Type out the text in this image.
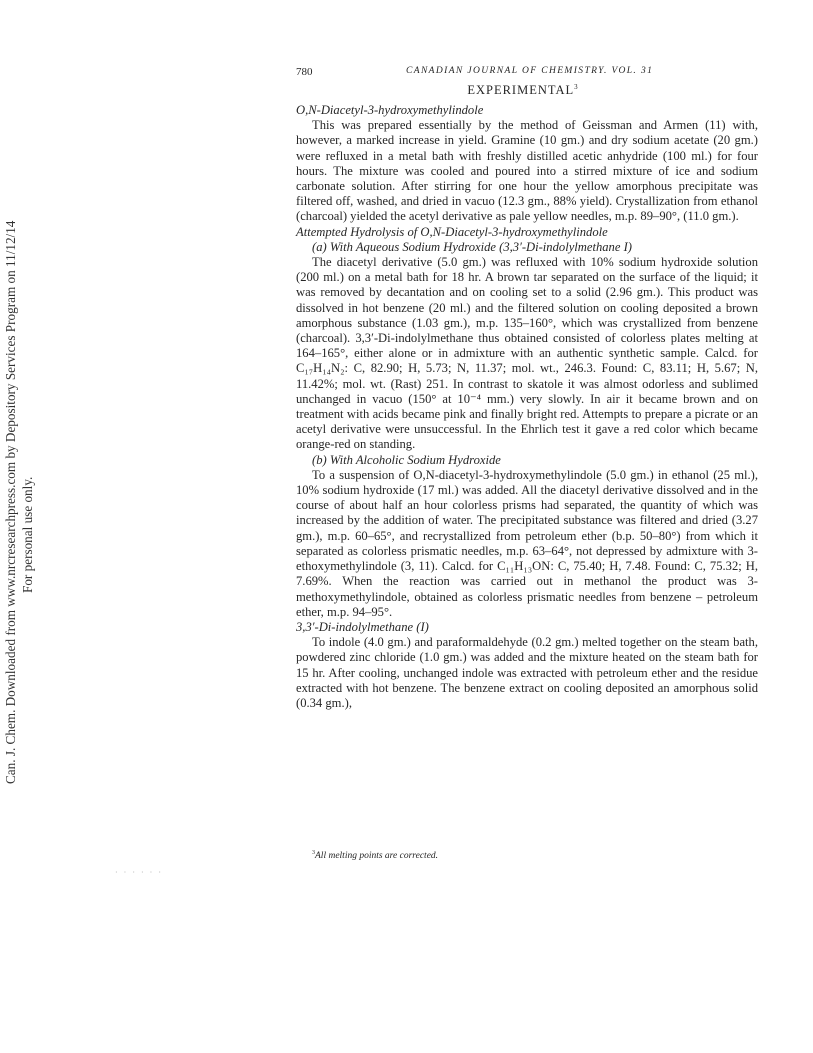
Can. J. Chem. Downloaded from www.nrcresearchpress.com by Depository Services Program on 11/12/14 For personal use only.
780	CANADIAN JOURNAL OF CHEMISTRY. VOL. 31
EXPERIMENTAL$^3$
O,N-Diacetyl-3-hydroxymethylindole

This was prepared essentially by the method of Geissman and Armen (11) with, however, a marked increase in yield. Gramine (10 gm.) and dry sodium acetate (20 gm.) were refluxed in a metal bath with freshly distilled acetic anhydride (100 ml.) for four hours. The mixture was cooled and poured into a stirred mixture of ice and sodium carbonate solution. After stirring for one hour the yellow amorphous precipitate was filtered off, washed, and dried in vacuo (12.3 gm., 88% yield). Crystallization from ethanol (charcoal) yielded the acetyl derivative as pale yellow needles, m.p. 89–90°, (11.0 gm.).

Attempted Hydrolysis of O,N-Diacetyl-3-hydroxymethylindole
(a) With Aqueous Sodium Hydroxide (3,3′-Di-indolylmethane I)

The diacetyl derivative (5.0 gm.) was refluxed with 10% sodium hydroxide solution (200 ml.) on a metal bath for 18 hr. A brown tar separated on the surface of the liquid; it was removed by decantation and on cooling set to a solid (2.96 gm.). This product was dissolved in hot benzene (20 ml.) and the filtered solution on cooling deposited a brown amorphous substance (1.03 gm.), m.p. 135–160°, which was crystallized from benzene (charcoal). 3,3′-Di-indolylmethane thus obtained consisted of colorless plates melting at 164–165°, either alone or in admixture with an authentic synthetic sample. Calcd. for C₁₇H₁₄N₂: C, 82.90; H, 5.73; N, 11.37; mol. wt., 246.3. Found: C, 83.11; H, 5.67; N, 11.42%; mol. wt. (Rast) 251. In contrast to skatole it was almost odorless and sublimed unchanged in vacuo (150° at 10⁻⁴ mm.) very slowly. In air it became brown and on treatment with acids became pink and finally bright red. Attempts to prepare a picrate or an acetyl derivative were unsuccessful. In the Ehrlich test it gave a red color which became orange-red on standing.

(b) With Alcoholic Sodium Hydroxide

To a suspension of O,N-diacetyl-3-hydroxymethylindole (5.0 gm.) in ethanol (25 ml.), 10% sodium hydroxide (17 ml.) was added. All the diacetyl derivative dissolved and in the course of about half an hour colorless prisms had separated, the quantity of which was increased by the addition of water. The precipitated substance was filtered and dried (3.27 gm.), m.p. 60–65°, and recrystallized from petroleum ether (b.p. 50–80°) from which it separated as colorless prismatic needles, m.p. 63–64°, not depressed by admixture with 3-ethoxymethylindole (3, 11). Calcd. for C₁₁H₁₃ON: C, 75.40; H, 7.48. Found: C, 75.32; H, 7.69%. When the reaction was carried out in methanol the product was 3-methoxymethylindole, obtained as colorless prismatic needles from benzene – petroleum ether, m.p. 94–95°.

3,3′-Di-indolylmethane (I)

To indole (4.0 gm.) and paraformaldehyde (0.2 gm.) melted together on the steam bath, powdered zinc chloride (1.0 gm.) was added and the mixture heated on the steam bath for 15 hr. After cooling, unchanged indole was extracted with petroleum ether and the residue extracted with hot benzene. The benzene extract on cooling deposited an amorphous solid (0.34 gm.),

$^3$All melting points are corrected.
· · · · · ·
